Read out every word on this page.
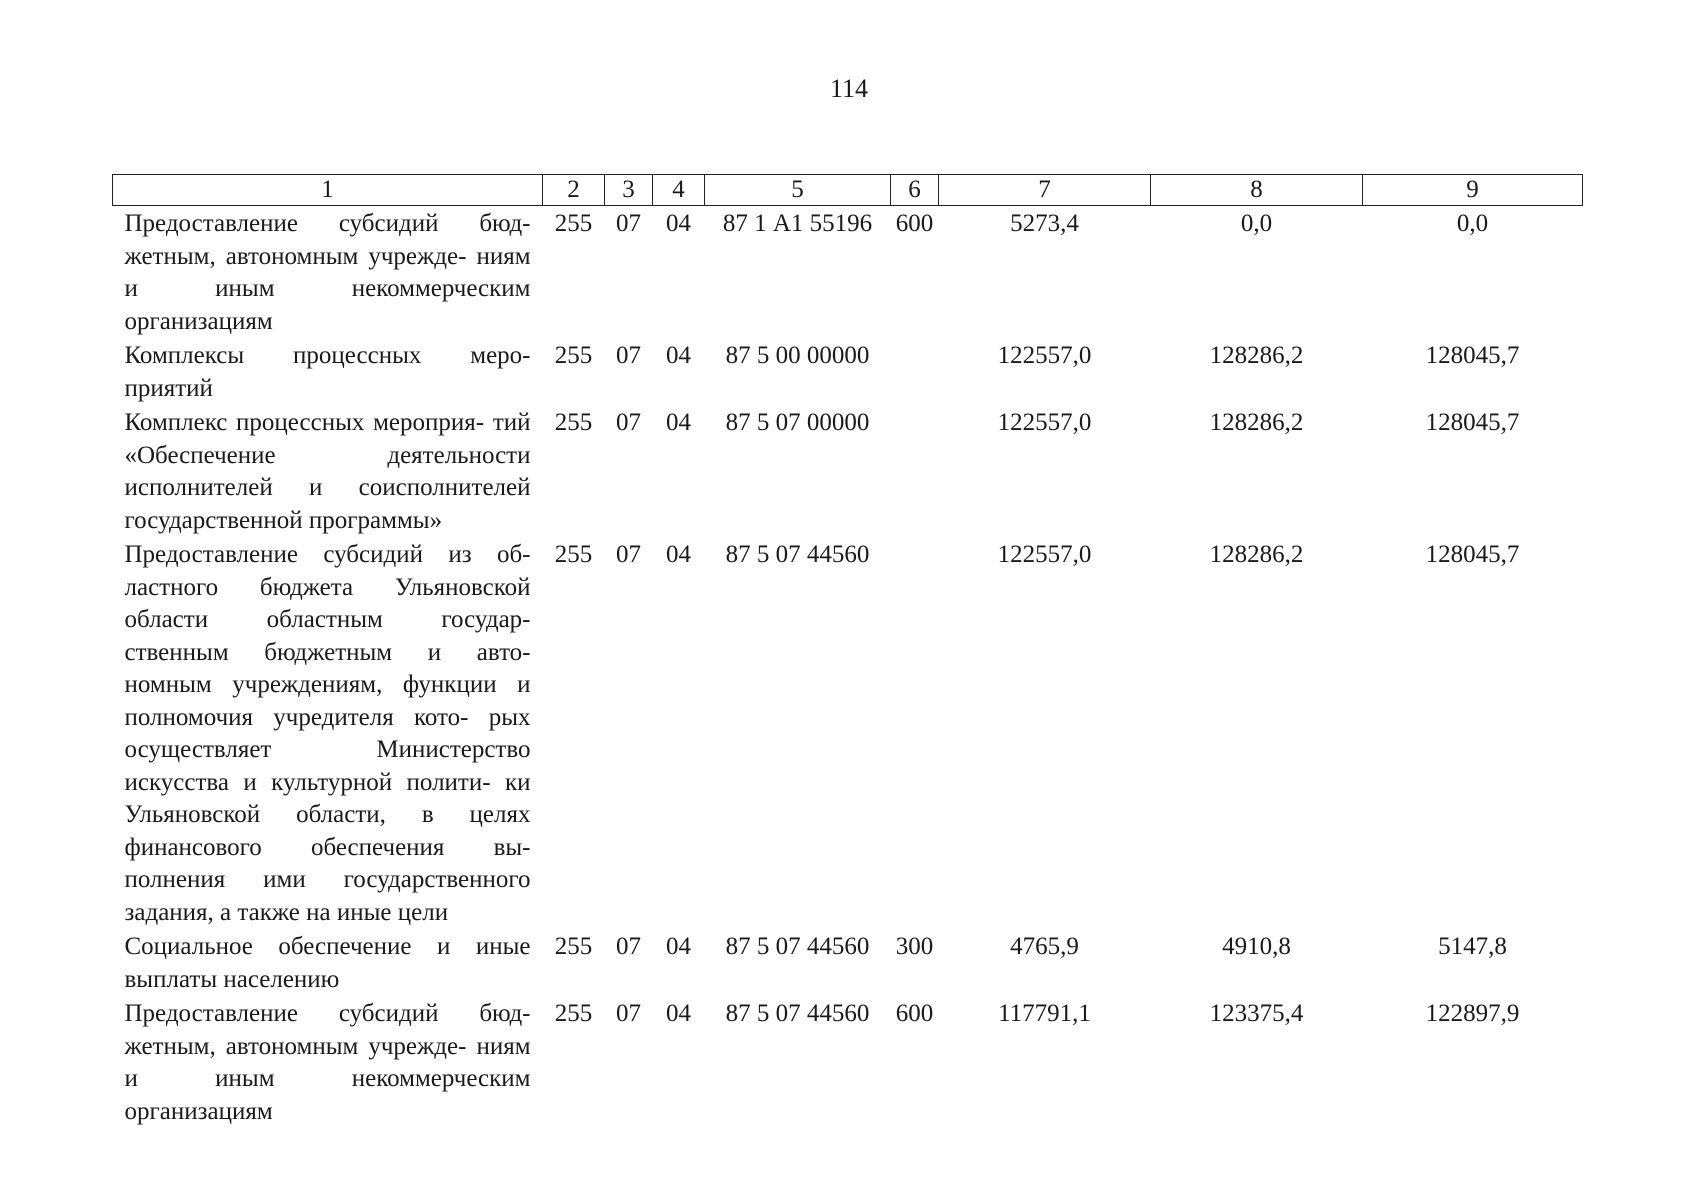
114
1	2	3	4	5	6	7	8	9
Предоставление субсидий бюд- жетным, автономным учрежде- ниям и иным некоммерческим организациям	255	07	04	87 1 А1 55196	600	5273,4	0,0	0,0
Комплексы процессных меро- приятий	255	07	04	87 5 00 00000		122557,0	128286,2	128045,7
Комплекс процессных мероприя- тий «Обеспечение деятельности исполнителей и соисполнителей государственной программы»	255	07	04	87 5 07 00000		122557,0	128286,2	128045,7
Предоставление субсидий из об- ластного бюджета Ульяновской области областным государ- ственным бюджетным и авто- номным учреждениям, функции и полномочия учредителя кото- рых осуществляет Министерство искусства и культурной полити- ки Ульяновской области, в целях финансового обеспечения вы- полнения ими государственного задания, а также на иные цели	255	07	04	87 5 07 44560		122557,0	128286,2	128045,7
Социальное обеспечение и иные выплаты населению	255	07	04	87 5 07 44560	300	4765,9	4910,8	5147,8
Предоставление субсидий бюд- жетным, автономным учрежде- ниям и иным некоммерческим организациям	255	07	04	87 5 07 44560	600	117791,1	123375,4	122897,9
